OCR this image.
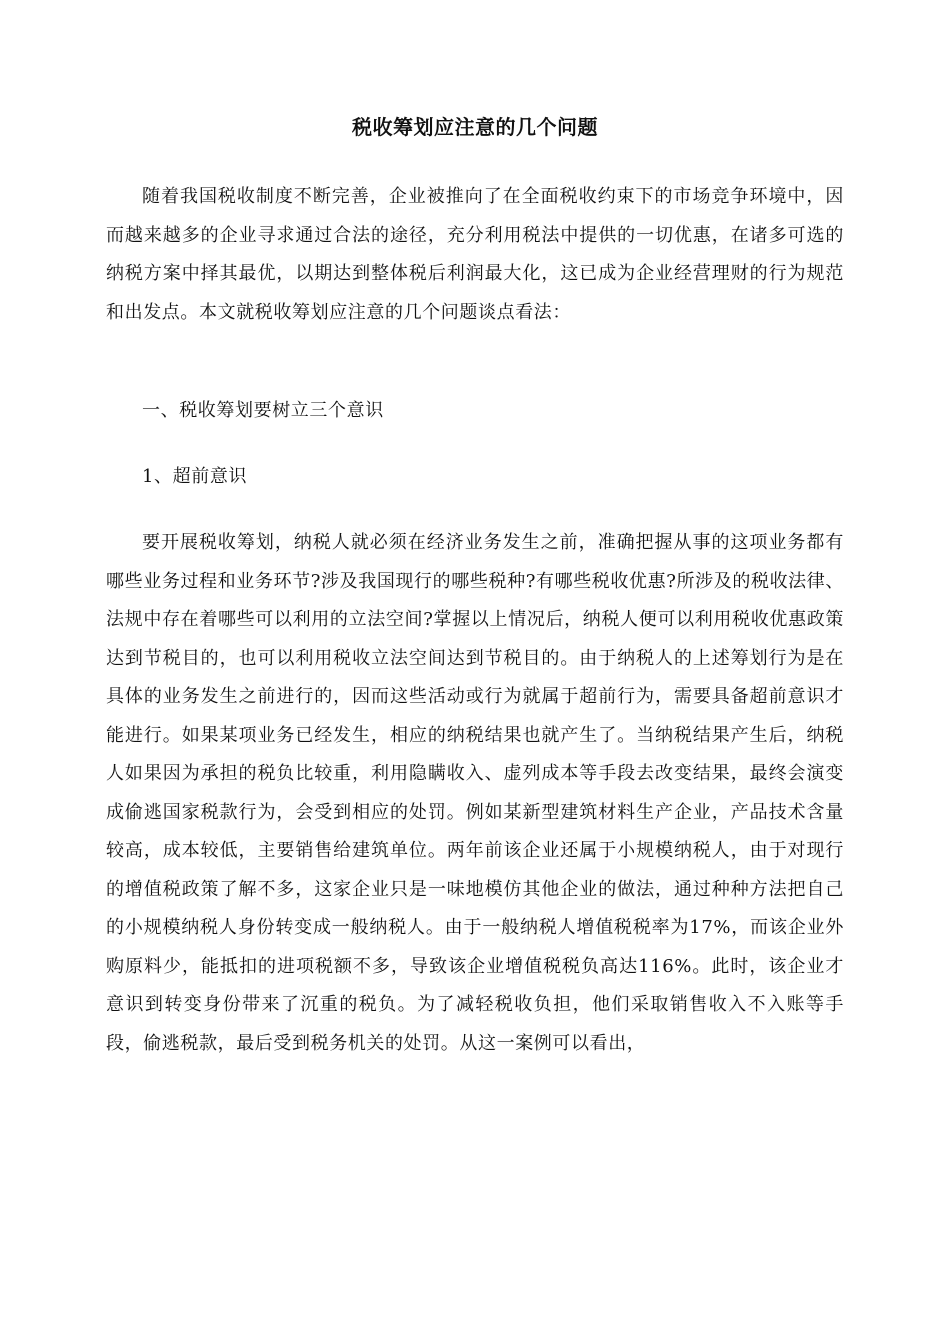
税收筹划应注意的几个问题

随着我国税收制度不断完善，企业被推向了在全面税收约束下的市场竞争环境中，因而越来越多的企业寻求通过合法的途径，充分利用税法中提供的一切优惠，在诸多可选的纳税方案中择其最优，以期达到整体税后利润最大化，这已成为企业经营理财的行为规范和出发点。本文就税收筹划应注意的几个问题谈点看法：

一、税收筹划要树立三个意识

1、超前意识

要开展税收筹划，纳税人就必须在经济业务发生之前，准确把握从事的这项业务都有哪些业务过程和业务环节?涉及我国现行的哪些税种?有哪些税收优惠?所涉及的税收法律、法规中存在着哪些可以利用的立法空间?掌握以上情况后，纳税人便可以利用税收优惠政策达到节税目的，也可以利用税收立法空间达到节税目的。由于纳税人的上述筹划行为是在具体的业务发生之前进行的，因而这些活动或行为就属于超前行为，需要具备超前意识才能进行。如果某项业务已经发生，相应的纳税结果也就产生了。当纳税结果产生后，纳税人如果因为承担的税负比较重，利用隐瞒收入、虚列成本等手段去改变结果，最终会演变成偷逃国家税款行为，会受到相应的处罚。例如某新型建筑材料生产企业，产品技术含量较高，成本较低，主要销售给建筑单位。两年前该企业还属于小规模纳税人，由于对现行的增值税政策了解不多，这家企业只是一味地模仿其他企业的做法，通过种种方法把自己的小规模纳税人身份转变成一般纳税人。由于一般纳税人增值税税率为17%，而该企业外购原料少，能抵扣的进项税额不多，导致该企业增值税税负高达116%。此时，该企业才意识到转变身份带来了沉重的税负。为了减轻税收负担，他们采取销售收入不入账等手段，偷逃税款，最后受到税务机关的处罚。从这一案例可以看出，
